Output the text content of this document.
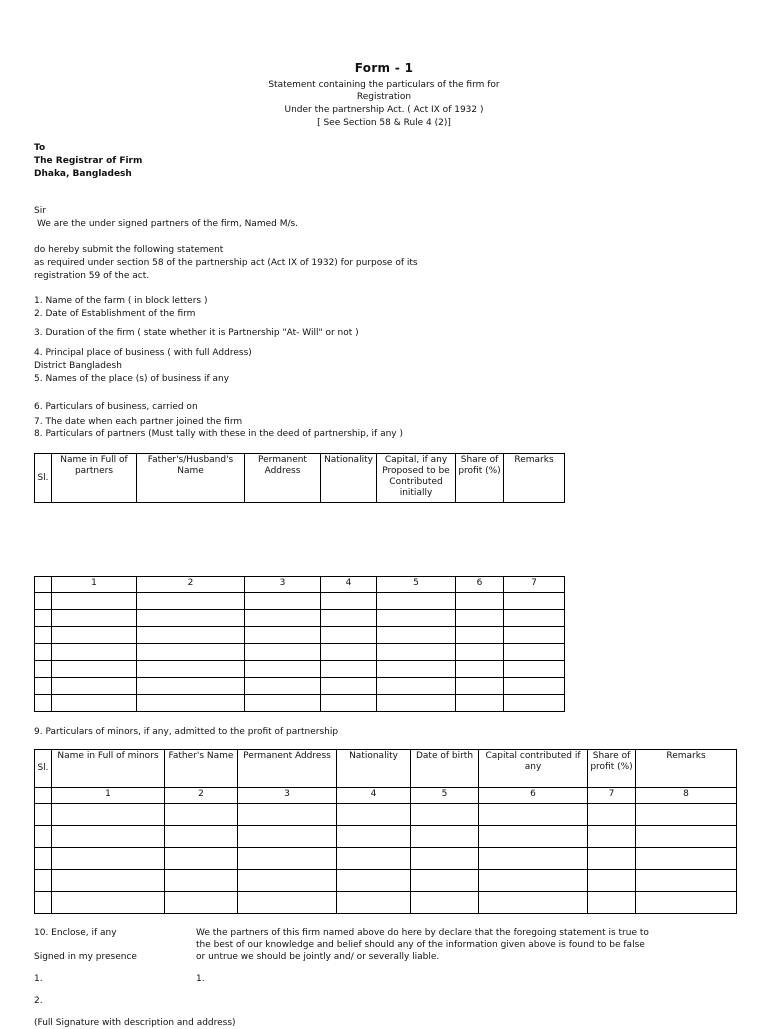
Form - 1
Statement containing the particulars of the firm for
Registration
Under the partnership Act. ( Act IX of 1932 )
[ See Section 58 & Rule 4 (2)]
To
The Registrar of Firm
Dhaka, Bangladesh
Sir
We are the under signed partners of the firm, Named M/s.
do hereby submit the following statement
as required under section 58 of the partnership act (Act IX of 1932) for purpose of its
registration 59 of the act.
1. Name of the farm ( in block letters )
2. Date of Establishment of the firm
3. Duration of the firm ( state whether it is Partnership "At- Will" or not )
4. Principal place of business ( with full Address)
District Bangladesh
5. Names of the place (s) of business if any
6. Particulars of business, carried on
7. The date when each partner joined the firm
8. Particulars of partners (Must tally with these in the deed of partnership, if any )
Sl.	Name in Full of partners	Father's/Husband's Name	Permanent Address	Nationality	Capital, if any Proposed to be Contributed initially	Share of profit (%)	Remarks
	1	2	3	4	5	6	7

9. Particulars of minors, if any, admitted to the profit of partnership
Sl.	Name in Full of minors	Father's Name	Permanent Address	Nationality	Date of birth	Capital contributed if any	Share of profit (%)	Remarks
	1	2	3	4	5	6	7	8

10. Enclose, if any
Signed in my presence
1.
2.
(Full Signature with description and address)
We the partners of this firm named above do here by declare that the foregoing statement is true to
the best of our knowledge and belief should any of the information given above is found to be false
or untrue we should be jointly and/ or severally liable.
1.
